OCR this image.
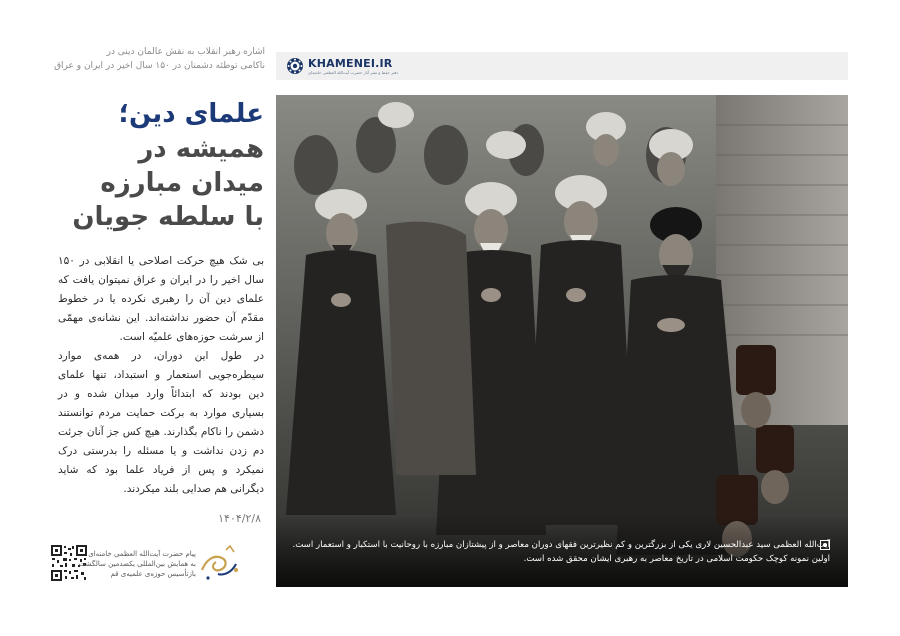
اشاره رهبر انقلاب به نقش عالمان دینی در
ناکامی توطئه دشمنان در ۱۵۰ سال اخیر در ایران و عراق	KHAMENEI.IR
دفتر حفظ و نشر آثار حضرت آیت‌الله العظمی خامنه‌ای
علمای دین؛
همیشه در
میدان مبارزه
با سلطه جویان

بی شک هیچ حرکت اصلاحی یا انقلابی در ۱۵۰ سال اخیر را در ایران و عراق نمیتوان یافت که علمای دین آن را رهبری نکرده یا در خطوط مقدّم آن حضور نداشته‌اند. این نشانه‌ی مهمّی از سرشت حوزه‌های علمیّه است.

در طول این دوران، در همه‌ی موارد سیطره‌جویی استعمار و استبداد، تنها علمای دین بودند که ابتدائاً وارد میدان شده و در بسیاری موارد به برکت حمایت مردم توانستند دشمن را ناکام بگذارند. هیچ کس جز آنان جرئت دم زدن نداشت و یا مسئله را بدرستی درک نمیکرد و پس از فریاد علما بود که شاید دیگرانی هم صدایی بلند میکردند.

۱۴۰۴/۲/۸
پیام حضرت آیت‌الله العظمی خامنه‌ای
به همایش بین‌المللی یکصدمین سالگشت
بازتأسیس حوزه‌ی علمیه‌ی قم
آیت‌الله العظمی سید عبدالحسین لاری یکی از بزرگترین و کم نظیرترین فقهای دوران معاصر و از پیشتازان مبارزه با روحانیت با استکبار و استعمار است.
اولین نمونه کوچک حکومت اسلامی در تاریخ معاصر به رهبری ایشان محقق شده است.
